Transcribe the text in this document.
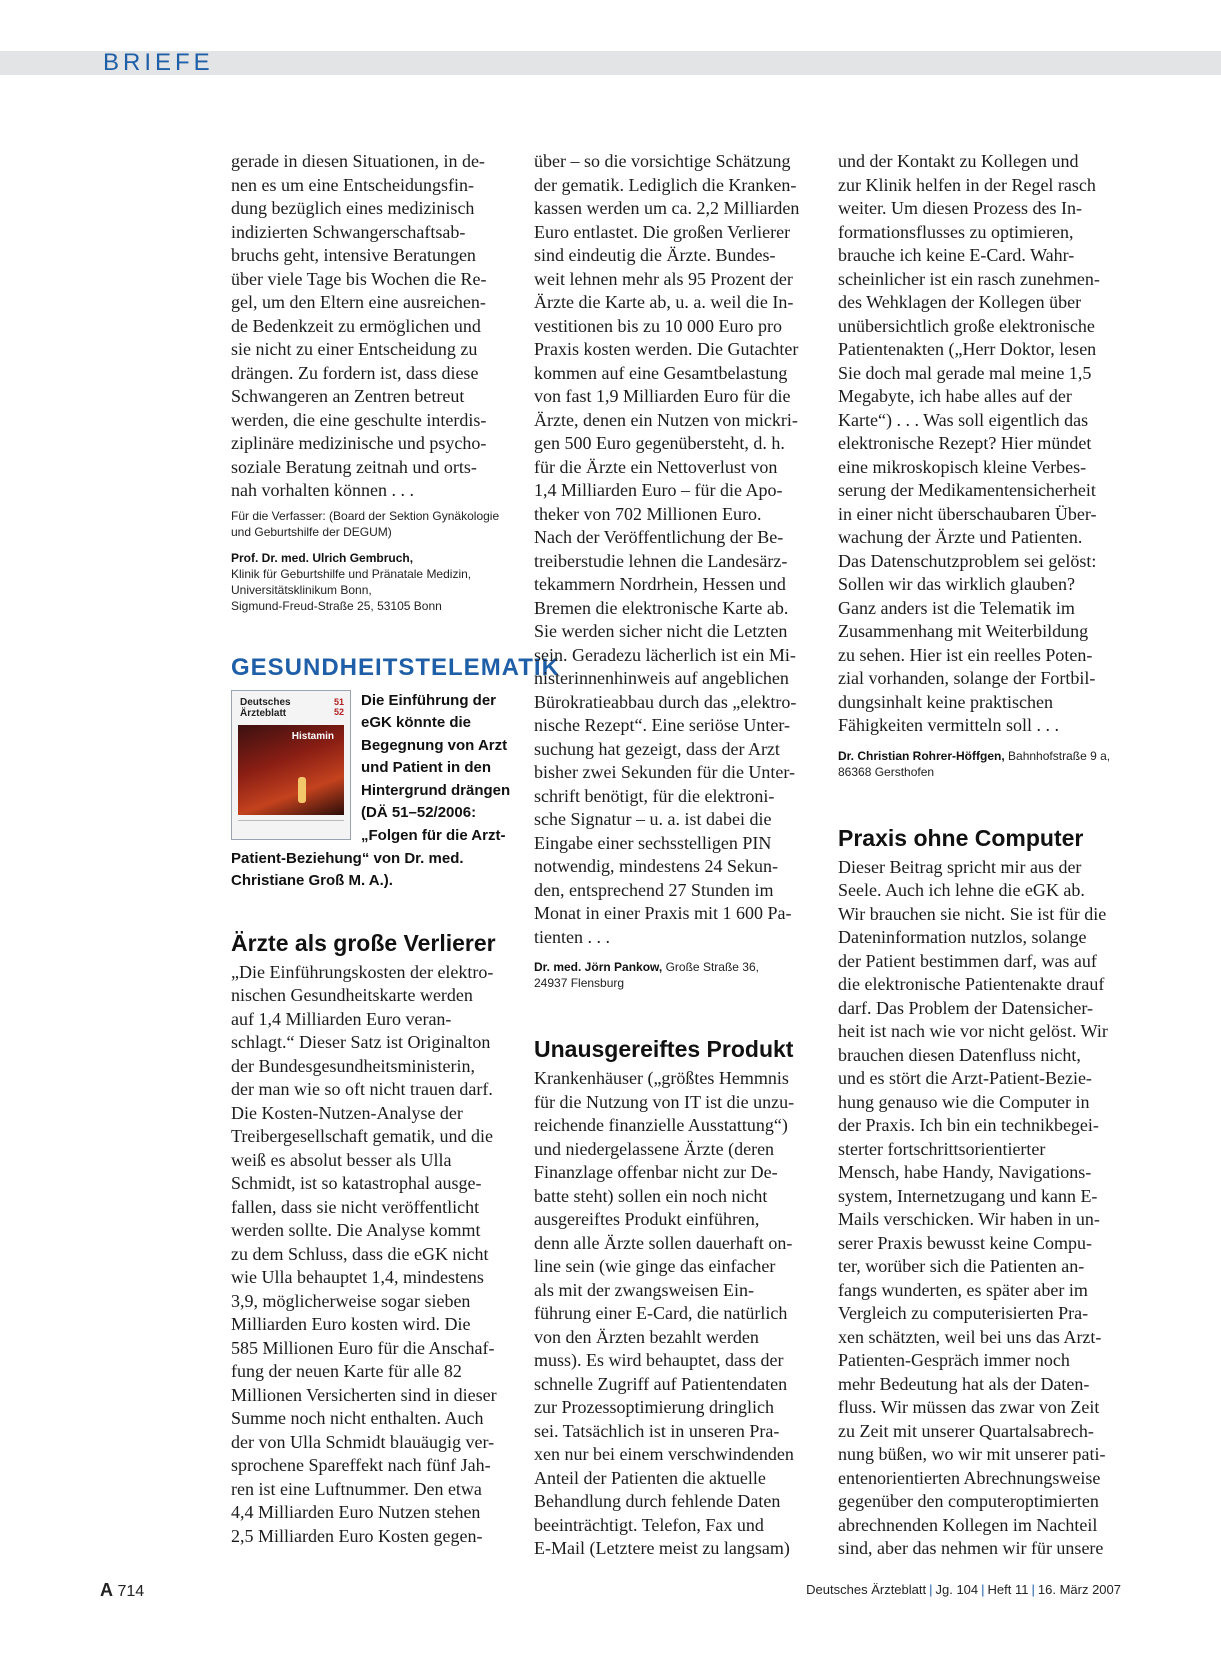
BRIEFE

gerade in diesen Situationen, in de-
nen es um eine Entscheidungsfin-
dung bezüglich eines medizinisch
indizierten Schwangerschaftsab-
bruchs geht, intensive Beratungen
über viele Tage bis Wochen die Re-
gel, um den Eltern eine ausreichen-
de Bedenkzeit zu ermöglichen und
sie nicht zu einer Entscheidung zu
drängen. Zu fordern ist, dass diese
Schwangeren an Zentren betreut
werden, die eine geschulte interdis-
ziplinäre medizinische und psycho-
soziale Beratung zeitnah und orts-
nah vorhalten können . . .

Für die Verfasser: (Board der Sektion Gynäkologie und Geburtshilfe der DEGUM)

Prof. Dr. med. Ulrich Gembruch,
Klinik für Geburtshilfe und Pränatale Medizin,
Universitätsklinikum Bonn,
Sigmund-Freud-Straße 25, 53105 Bonn
GESUNDHEITSTELEMATIK
Deutsches
Ärzteblatt
51
52
Histamin

Die Einführung der eGK könnte die Begegnung von Arzt und Patient in den Hintergrund drängen (DÄ 51–52/2006: „Folgen für die Arzt-Patient-Beziehung“ von Dr. med. Christiane Groß M. A.).

Ärzte als große Verlierer

„Die Einführungskosten der elektro-
nischen Gesundheitskarte werden
auf 1,4 Milliarden Euro veran-
schlagt.“ Dieser Satz ist Originalton
der Bundesgesundheitsministerin,
der man wie so oft nicht trauen darf.
Die Kosten-Nutzen-Analyse der
Treibergesellschaft gematik, und die
weiß es absolut besser als Ulla
Schmidt, ist so katastrophal ausge-
fallen, dass sie nicht veröffentlicht
werden sollte. Die Analyse kommt
zu dem Schluss, dass die eGK nicht
wie Ulla behauptet 1,4, mindestens
3,9, möglicherweise sogar sieben
Milliarden Euro kosten wird. Die
585 Millionen Euro für die Anschaf-
fung der neuen Karte für alle 82
Millionen Versicherten sind in dieser
Summe noch nicht enthalten. Auch
der von Ulla Schmidt blauäugig ver-
sprochene Spareffekt nach fünf Jah-
ren ist eine Luftnummer. Den etwa
4,4 Milliarden Euro Nutzen stehen
2,5 Milliarden Euro Kosten gegen-

über – so die vorsichtige Schätzung
der gematik. Lediglich die Kranken-
kassen werden um ca. 2,2 Milliarden
Euro entlastet. Die großen Verlierer
sind eindeutig die Ärzte. Bundes-
weit lehnen mehr als 95 Prozent der
Ärzte die Karte ab, u. a. weil die In-
vestitionen bis zu 10 000 Euro pro
Praxis kosten werden. Die Gutachter
kommen auf eine Gesamtbelastung
von fast 1,9 Milliarden Euro für die
Ärzte, denen ein Nutzen von mickri-
gen 500 Euro gegenübersteht, d. h.
für die Ärzte ein Nettoverlust von
1,4 Milliarden Euro – für die Apo-
theker von 702 Millionen Euro.
Nach der Veröffentlichung der Be-
treiberstudie lehnen die Landesärz-
tekammern Nordrhein, Hessen und
Bremen die elektronische Karte ab.
Sie werden sicher nicht die Letzten
sein. Geradezu lächerlich ist ein Mi-
nisterinnenhinweis auf angeblichen
Bürokratieabbau durch das „elektro-
nische Rezept“. Eine seriöse Unter-
suchung hat gezeigt, dass der Arzt
bisher zwei Sekunden für die Unter-
schrift benötigt, für die elektroni-
sche Signatur – u. a. ist dabei die
Eingabe einer sechsstelligen PIN
notwendig, mindestens 24 Sekun-
den, entsprechend 27 Stunden im
Monat in einer Praxis mit 1 600 Pa-
tienten . . .

Dr. med. Jörn Pankow, Große Straße 36,
24937 Flensburg
Unausgereiftes Produkt

Krankenhäuser („größtes Hemmnis
für die Nutzung von IT ist die unzu-
reichende finanzielle Ausstattung“)
und niedergelassene Ärzte (deren
Finanzlage offenbar nicht zur De-
batte steht) sollen ein noch nicht
ausgereiftes Produkt einführen,
denn alle Ärzte sollen dauerhaft on-
line sein (wie ginge das einfacher
als mit der zwangsweisen Ein-
führung einer E-Card, die natürlich
von den Ärzten bezahlt werden
muss). Es wird behauptet, dass der
schnelle Zugriff auf Patientendaten
zur Prozessoptimierung dringlich
sei. Tatsächlich ist in unseren Pra-
xen nur bei einem verschwindenden
Anteil der Patienten die aktuelle
Behandlung durch fehlende Daten
beeinträchtigt. Telefon, Fax und
E-Mail (Letztere meist zu langsam)

und der Kontakt zu Kollegen und
zur Klinik helfen in der Regel rasch
weiter. Um diesen Prozess des In-
formationsflusses zu optimieren,
brauche ich keine E-Card. Wahr-
scheinlicher ist ein rasch zunehmen-
des Wehklagen der Kollegen über
unübersichtlich große elektronische
Patientenakten („Herr Doktor, lesen
Sie doch mal gerade mal meine 1,5
Megabyte, ich habe alles auf der
Karte“) . . . Was soll eigentlich das
elektronische Rezept? Hier mündet
eine mikroskopisch kleine Verbes-
serung der Medikamentensicherheit
in einer nicht überschaubaren Über-
wachung der Ärzte und Patienten.
Das Datenschutzproblem sei gelöst:
Sollen wir das wirklich glauben?
Ganz anders ist die Telematik im
Zusammenhang mit Weiterbildung
zu sehen. Hier ist ein reelles Poten-
zial vorhanden, solange der Fortbil-
dungsinhalt keine praktischen
Fähigkeiten vermitteln soll . . .

Dr. Christian Rohrer-Höffgen, Bahnhofstraße 9 a,
86368 Gersthofen
Praxis ohne Computer

Dieser Beitrag spricht mir aus der
Seele. Auch ich lehne die eGK ab.
Wir brauchen sie nicht. Sie ist für die
Dateninformation nutzlos, solange
der Patient bestimmen darf, was auf
die elektronische Patientenakte drauf
darf. Das Problem der Datensicher-
heit ist nach wie vor nicht gelöst. Wir
brauchen diesen Datenfluss nicht,
und es stört die Arzt-Patient-Bezie-
hung genauso wie die Computer in
der Praxis. Ich bin ein technikbegei-
sterter fortschrittsorientierter
Mensch, habe Handy, Navigations-
system, Internetzugang und kann E-
Mails verschicken. Wir haben in un-
serer Praxis bewusst keine Compu-
ter, worüber sich die Patienten an-
fangs wunderten, es später aber im
Vergleich zu computerisierten Pra-
xen schätzten, weil bei uns das Arzt-
Patienten-Gespräch immer noch
mehr Bedeutung hat als der Daten-
fluss. Wir müssen das zwar von Zeit
zu Zeit mit unserer Quartalsabrech-
nung büßen, wo wir mit unserer pati-
entenorientierten Abrechnungsweise
gegenüber den computeroptimierten
abrechnenden Kollegen im Nachteil
sind, aber das nehmen wir für unsere

A 714	Deutsches Ärzteblatt | Jg. 104 | Heft 11 | 16. März 2007
